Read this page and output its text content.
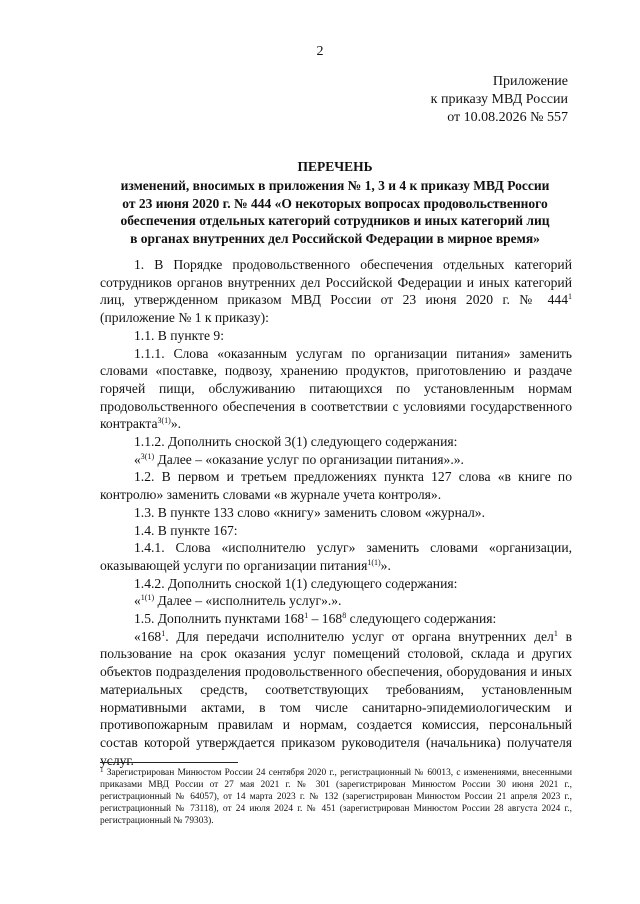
2
Приложение
к приказу МВД России
от 10.08.2026 № 557
ПЕРЕЧЕНЬ
изменений, вносимых в приложения № 1, 3 и 4 к приказу МВД России
от 23 июня 2020 г. № 444 «О некоторых вопросах продовольственного
обеспечения отдельных категорий сотрудников и иных категорий лиц
в органах внутренних дел Российской Федерации в мирное время»

1. В Порядке продовольственного обеспечения отдельных категорий сотрудников органов внутренних дел Российской Федерации и иных категорий лиц, утвержденном приказом МВД России от 23 июня 2020 г. № $444^1$ (приложение № 1 к приказу):

1.1. В пункте 9:

1.1.1. Слова «оказанным услугам по организации питания» заменить словами «поставке, подвозу, хранению продуктов, приготовлению и раздаче горячей пищи, обслуживанию питающихся по установленным нормам продовольственного обеспечения в соответствии с условиями государственного контракта$^{3(1)}$».

1.1.2. Дополнить сноской 3(1) следующего содержания:

«$^{3(1)}$ Далее – «оказание услуг по организации питания».».

1.2. В первом и третьем предложениях пункта 127 слова «в книге по контролю» заменить словами «в журнале учета контроля».

1.3. В пункте 133 слово «книгу» заменить словом «журнал».

1.4. В пункте 167:

1.4.1. Слова «исполнителю услуг» заменить словами «организации, оказывающей услуги по организации питания$^{1(1)}$».

1.4.2. Дополнить сноской 1(1) следующего содержания:

«$^{1(1)}$ Далее – «исполнитель услуг».».

1.5. Дополнить пунктами $168^1 - 168^8$ следующего содержания:

«$168^1$. Для передачи исполнителю услуг от органа внутренних дел$^1$ в пользование на срок оказания услуг помещений столовой, склада и других объектов подразделения продовольственного обеспечения, оборудования и иных материальных средств, соответствующих требованиям, установленным нормативными актами, в том числе санитарно-эпидемиологическим и противопожарным правилам и нормам, создается комиссия, персональный состав которой утверждается приказом руководителя (начальника) получателя услуг.

$^1$ Зарегистрирован Минюстом России 24 сентября 2020 г., регистрационный № 60013, с изменениями, внесенными приказами МВД России от 27 мая 2021 г. № 301 (зарегистрирован Минюстом России 30 июня 2021 г., регистрационный № 64057), от 14 марта 2023 г. № 132 (зарегистрирован Минюстом России 21 апреля 2023 г., регистрационный № 73118), от 24 июля 2024 г. № 451 (зарегистрирован Минюстом России 28 августа 2024 г., регистрационный № 79303).
